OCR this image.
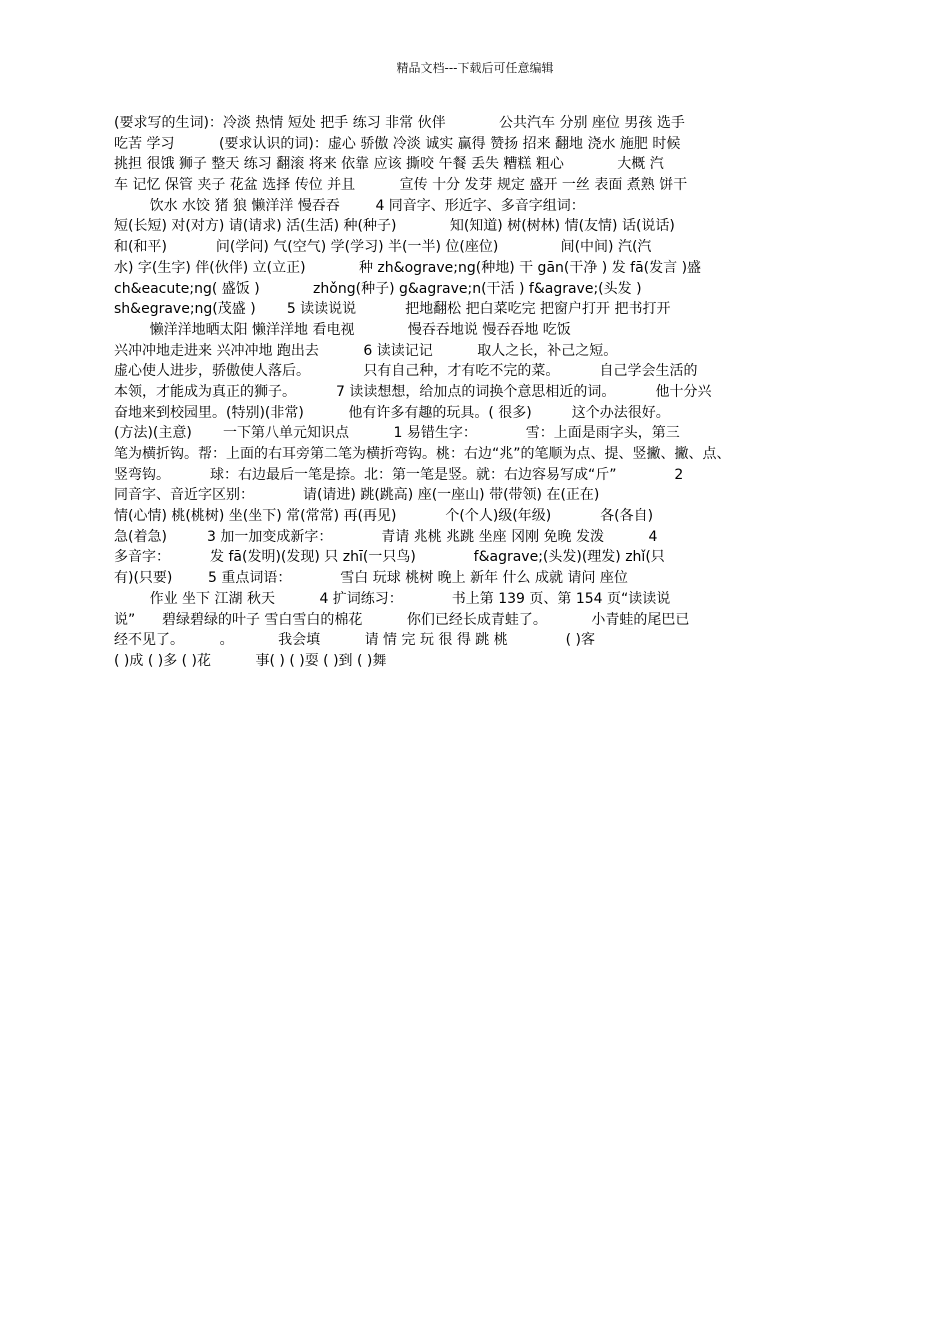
精品文档---下载后可任意编辑
(要求写的生词)：冷淡 热情 短处 把手 练习 非常 伙伴            公共汽车 分别 座位 男孩 选手
吃苦 学习          (要求认识的词)：虚心 骄傲 冷淡 诚实 赢得 赞扬 招来 翻地 浇水 施肥 时候
挑担 很饿 狮子 整天 练习 翻滚 将来 依靠 应该 撕咬 午餐 丢失 糟糕 粗心            大概 汽
车 记忆 保管 夹子 花盆 选择 传位 并且          宣传 十分 发芽 规定 盛开 一丝 表面 煮熟 饼干
饮水 水饺 猪 狼 懒洋洋 慢吞吞        4 同音字、形近字、多音字组词：
短(长短) 对(对方) 请(请求) 活(生活) 种(种子)            知(知道) 树(树林) 情(友情) 话(说话)
和(和平)           问(学问) 气(空气) 学(学习) 半(一半) 位(座位)              间(中间) 汽(汽
水) 字(生字) 伴(伙伴) 立(立正)            种 zh&ograve;ng(种地) 干 gān(干净 ) 发 fā(发言 )盛
ch&eacute;ng( 盛饭 )            zhǒng(种子) g&agrave;n(干活 ) f&agrave;(头发 )
sh&egrave;ng(茂盛 )       5 读读说说           把地翻松 把白菜吃完 把窗户打开 把书打开
懒洋洋地晒太阳 懒洋洋地 看电视            慢吞吞地说 慢吞吞地 吃饭
兴冲冲地走进来 兴冲冲地 跑出去          6 读读记记          取人之长，补己之短。
虚心使人进步，骄傲使人落后。            只有自己种，才有吃不完的菜。         自己学会生活的
本领，才能成为真正的狮子。         7 读读想想，给加点的词换个意思相近的词。         他十分兴
奋地来到校园里。(特别)(非常)          他有许多有趣的玩具。( 很多)         这个办法很好。
(方法)(主意)       一下第八单元知识点          1 易错生字：           雪：上面是雨字头，第三
笔为横折钩。帮：上面的右耳旁第二笔为横折弯钩。桃：右边“兆”的笔顺为点、提、竖撇、撇、点、
竖弯钩。         球：右边最后一笔是捺。北：第一笔是竖。就：右边容易写成“斤”             2
同音字、音近字区别：           请(请进) 跳(跳高) 座(一座山) 带(带领) 在(正在)
情(心情) 桃(桃树) 坐(坐下) 常(常常) 再(再见)           个(个人)级(年级)           各(各自)
急(着急)         3 加一加变成新字：           青请 兆桃 兆跳 坐座 冈刚 免晚 发泼          4
多音字：         发 fā(发明)(发现) 只 zhī(一只鸟)             f&agrave;(头发)(理发) zhǐ(只
有)(只要)        5 重点词语：           雪白 玩球 桃树 晚上 新年 什么 成就 请问 座位
作业 坐下 江湖 秋天          4 扩词练习：           书上第 139 页、第 154 页“读读说
说”      碧绿碧绿的叶子 雪白雪白的棉花          你们已经长成青蛙了。          小青蛙的尾巴已
经不见了。        。          我会填          请 情 完 玩 很 得 跳 桃             ( )客
( )成 ( )多 ( )花          事( ) ( )耍 ( )到 ( )舞
